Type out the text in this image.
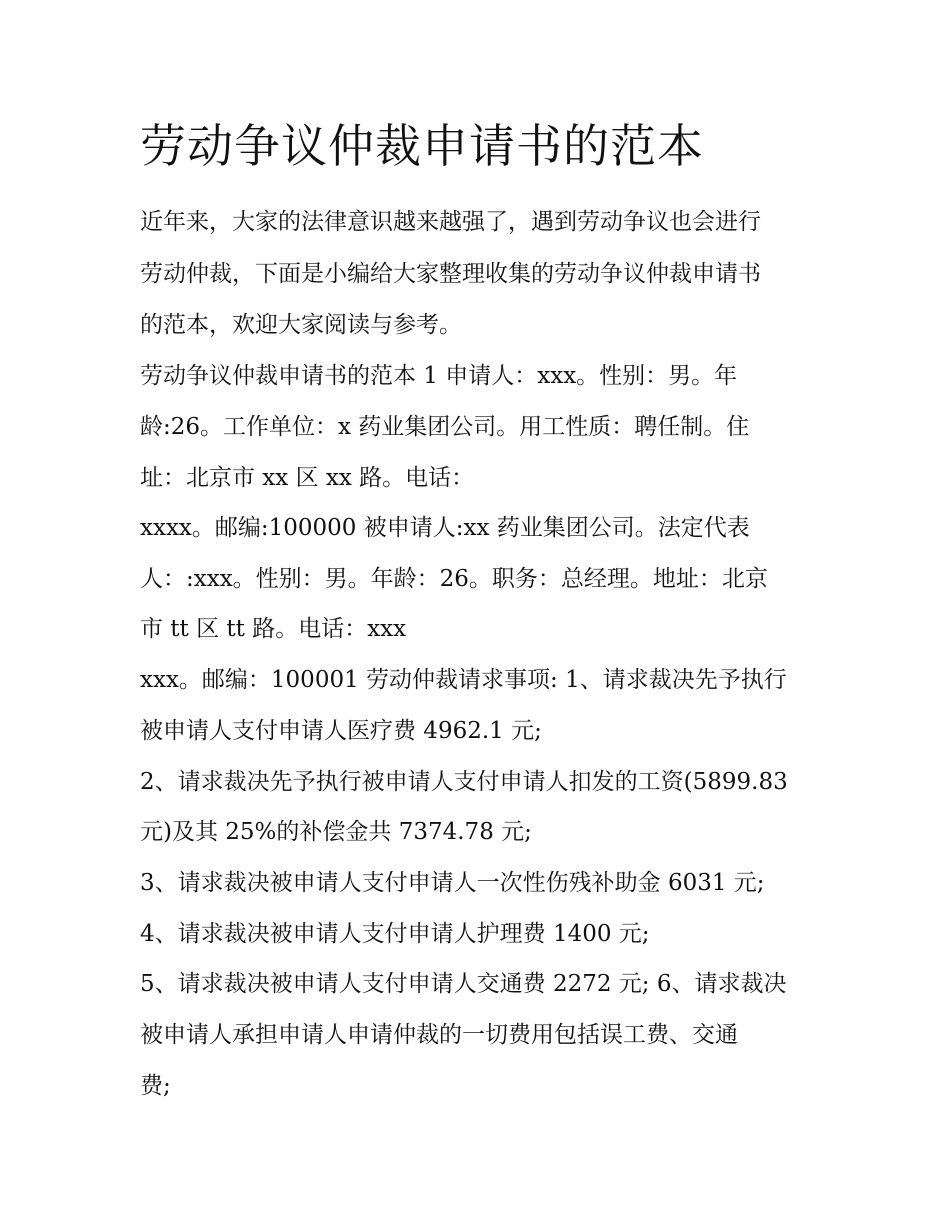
劳动争议仲裁申请书的范本

近年来，大家的法律意识越来越强了，遇到劳动争议也会进行

劳动仲裁，下面是小编给大家整理收集的劳动争议仲裁申请书

的范本，欢迎大家阅读与参考。

劳动争议仲裁申请书的范本 1 申请人：xxx。性别：男。年

龄:26。工作单位：x 药业集团公司。用工性质：聘任制。住

址：北京市 xx 区 xx 路。电话：

xxxx。邮编:100000 被申请人:xx 药业集团公司。法定代表

人：:xxx。性别：男。年龄：26。职务：总经理。地址：北京

市 tt 区 tt 路。电话：xxx

xxx。邮编：100001 劳动仲裁请求事项: 1、请求裁决先予执行

被申请人支付申请人医疗费 4962.1 元;

2、请求裁决先予执行被申请人支付申请人扣发的工资(5899.83

元)及其 25%的补偿金共 7374.78 元;

3、请求裁决被申请人支付申请人一次性伤残补助金 6031 元;

4、请求裁决被申请人支付申请人护理费 1400 元;

5、请求裁决被申请人支付申请人交通费 2272 元; 6、请求裁决

被申请人承担申请人申请仲裁的一切费用包括误工费、交通

费;
